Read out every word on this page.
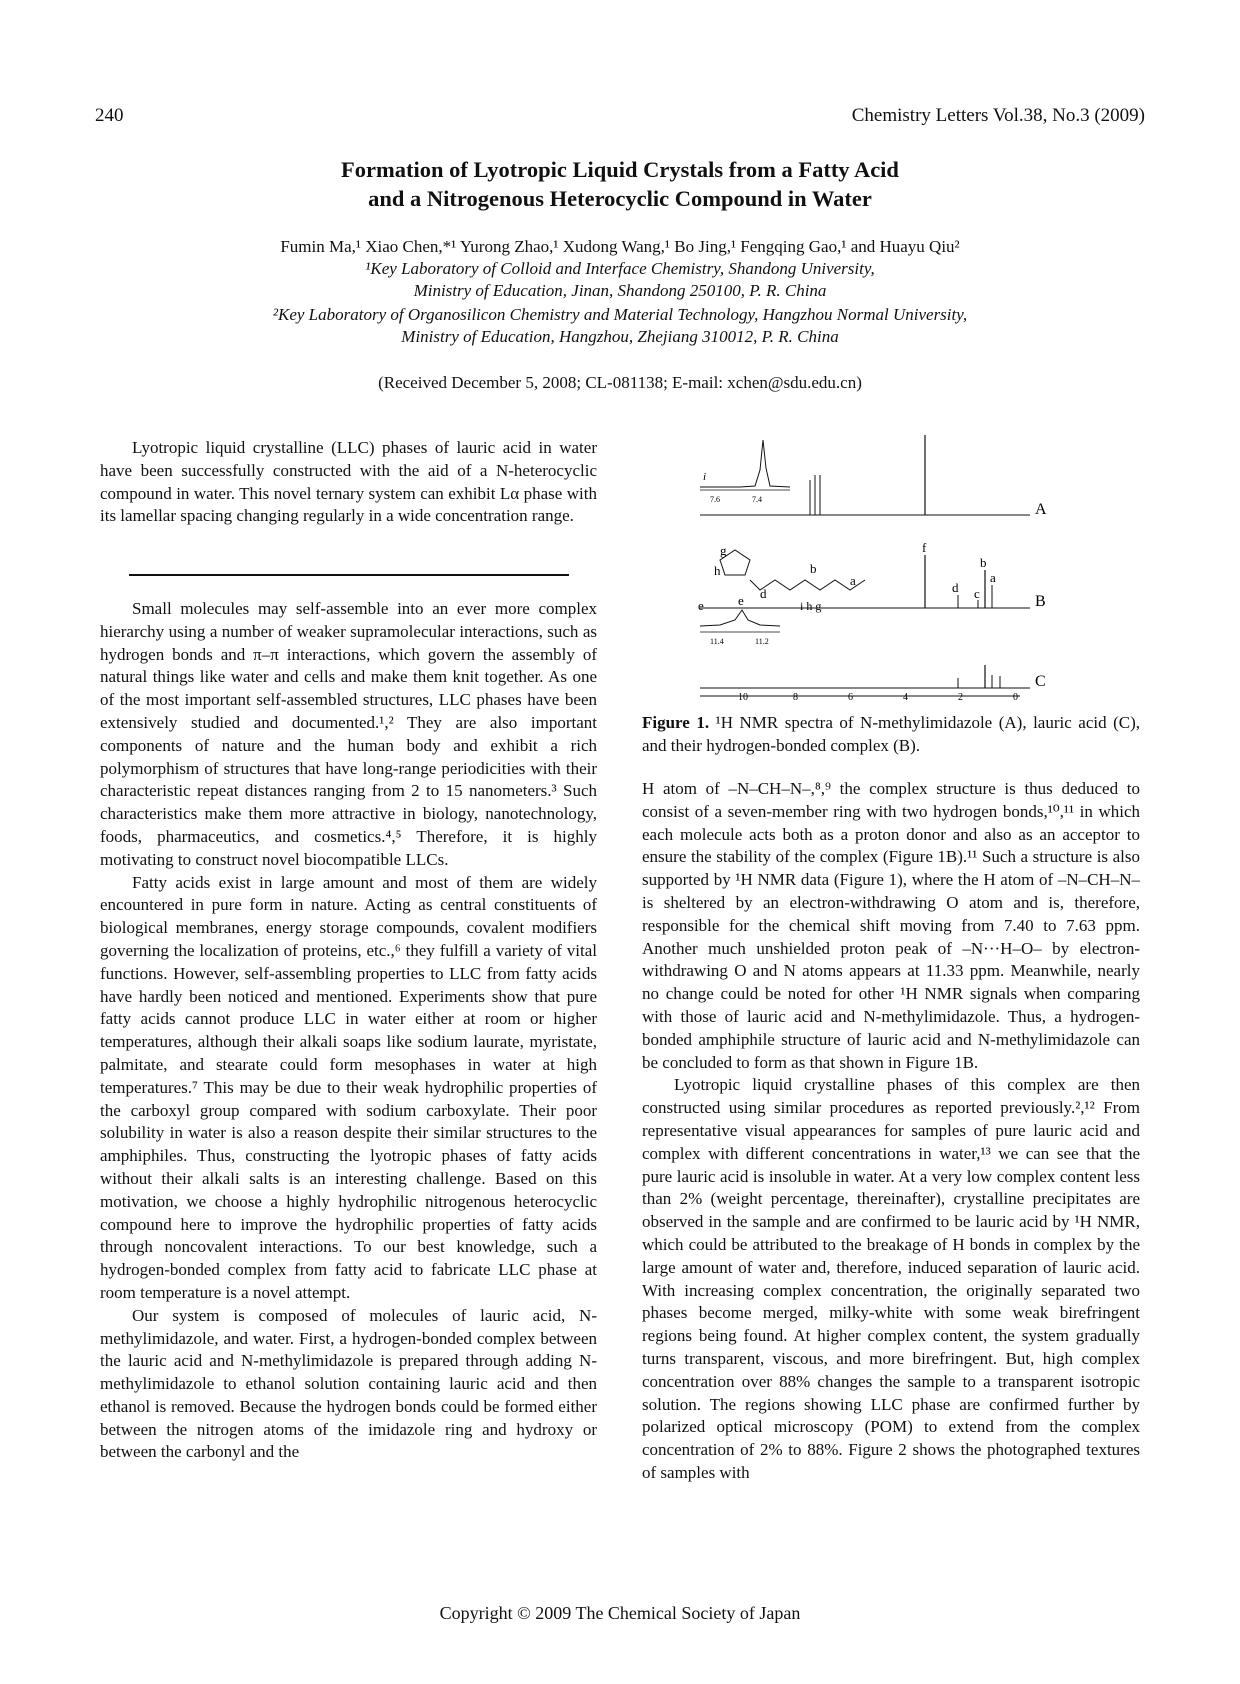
240	Chemistry Letters Vol.38, No.3 (2009)
Formation of Lyotropic Liquid Crystals from a Fatty Acid
and a Nitrogenous Heterocyclic Compound in Water
Fumin Ma,¹ Xiao Chen,*¹ Yurong Zhao,¹ Xudong Wang,¹ Bo Jing,¹ Fengqing Gao,¹ and Huayu Qiu²
¹Key Laboratory of Colloid and Interface Chemistry, Shandong University,
Ministry of Education, Jinan, Shandong 250100, P. R. China
²Key Laboratory of Organosilicon Chemistry and Material Technology, Hangzhou Normal University,
Ministry of Education, Hangzhou, Zhejiang 310012, P. R. China
(Received December 5, 2008; CL-081138; E-mail: xchen@sdu.edu.cn)

Lyotropic liquid crystalline (LLC) phases of lauric acid in water have been successfully constructed with the aid of a N-heterocyclic compound in water. This novel ternary system can exhibit Lα phase with its lamellar spacing changing regularly in a wide concentration range.

Small molecules may self-assemble into an ever more complex hierarchy using a number of weaker supramolecular interactions, such as hydrogen bonds and π–π interactions, which govern the assembly of natural things like water and cells and make them knit together. As one of the most important self-assembled structures, LLC phases have been extensively studied and documented.¹,² They are also important components of nature and the human body and exhibit a rich polymorphism of structures that have long-range periodicities with their characteristic repeat distances ranging from 2 to 15 nanometers.³ Such characteristics make them more attractive in biology, nanotechnology, foods, pharmaceutics, and cosmetics.⁴,⁵ Therefore, it is highly motivating to construct novel biocompatible LLCs.

Fatty acids exist in large amount and most of them are widely encountered in pure form in nature. Acting as central constituents of biological membranes, energy storage compounds, covalent modifiers governing the localization of proteins, etc.,⁶ they fulfill a variety of vital functions. However, self-assembling properties to LLC from fatty acids have hardly been noticed and mentioned. Experiments show that pure fatty acids cannot produce LLC in water either at room or higher temperatures, although their alkali soaps like sodium laurate, myristate, palmitate, and stearate could form mesophases in water at high temperatures.⁷ This may be due to their weak hydrophilic properties of the carboxyl group compared with sodium carboxylate. Their poor solubility in water is also a reason despite their similar structures to the amphiphiles. Thus, constructing the lyotropic phases of fatty acids without their alkali salts is an interesting challenge. Based on this motivation, we choose a highly hydrophilic nitrogenous heterocyclic compound here to improve the hydrophilic properties of fatty acids through noncovalent interactions. To our best knowledge, such a hydrogen-bonded complex from fatty acid to fabricate LLC phase at room temperature is a novel attempt.

Our system is composed of molecules of lauric acid, N-methylimidazole, and water. First, a hydrogen-bonded complex between the lauric acid and N-methylimidazole is prepared through adding N-methylimidazole to ethanol solution containing lauric acid and then ethanol is removed. Because the hydrogen bonds could be formed either between the nitrogen atoms of the imidazole ring and hydroxy or between the carbonyl and the

7.6	7.4
i
A
f
b
a
d c	B
e
g
h
d
b
a
i h g
e
11.4	11.2
C
10	8	6	4	2	0
Figure 1. ¹H NMR spectra of N-methylimidazole (A), lauric acid (C), and their hydrogen-bonded complex (B).

H atom of –N–CH–N–,⁸,⁹ the complex structure is thus deduced to consist of a seven-member ring with two hydrogen bonds,¹⁰,¹¹ in which each molecule acts both as a proton donor and also as an acceptor to ensure the stability of the complex (Figure 1B).¹¹ Such a structure is also supported by ¹H NMR data (Figure 1), where the H atom of –N–CH–N– is sheltered by an electron-withdrawing O atom and is, therefore, responsible for the chemical shift moving from 7.40 to 7.63 ppm. Another much unshielded proton peak of –N···H–O– by electron-withdrawing O and N atoms appears at 11.33 ppm. Meanwhile, nearly no change could be noted for other ¹H NMR signals when comparing with those of lauric acid and N-methylimidazole. Thus, a hydrogen-bonded amphiphile structure of lauric acid and N-methylimidazole can be concluded to form as that shown in Figure 1B.

Lyotropic liquid crystalline phases of this complex are then constructed using similar procedures as reported previously.²,¹² From representative visual appearances for samples of pure lauric acid and complex with different concentrations in water,¹³ we can see that the pure lauric acid is insoluble in water. At a very low complex content less than 2% (weight percentage, thereinafter), crystalline precipitates are observed in the sample and are confirmed to be lauric acid by ¹H NMR, which could be attributed to the breakage of H bonds in complex by the large amount of water and, therefore, induced separation of lauric acid. With increasing complex concentration, the originally separated two phases become merged, milky-white with some weak birefringent regions being found. At higher complex content, the system gradually turns transparent, viscous, and more birefringent. But, high complex concentration over 88% changes the sample to a transparent isotropic solution. The regions showing LLC phase are confirmed further by polarized optical microscopy (POM) to extend from the complex concentration of 2% to 88%. Figure 2 shows the photographed textures of samples with

Copyright © 2009 The Chemical Society of Japan
